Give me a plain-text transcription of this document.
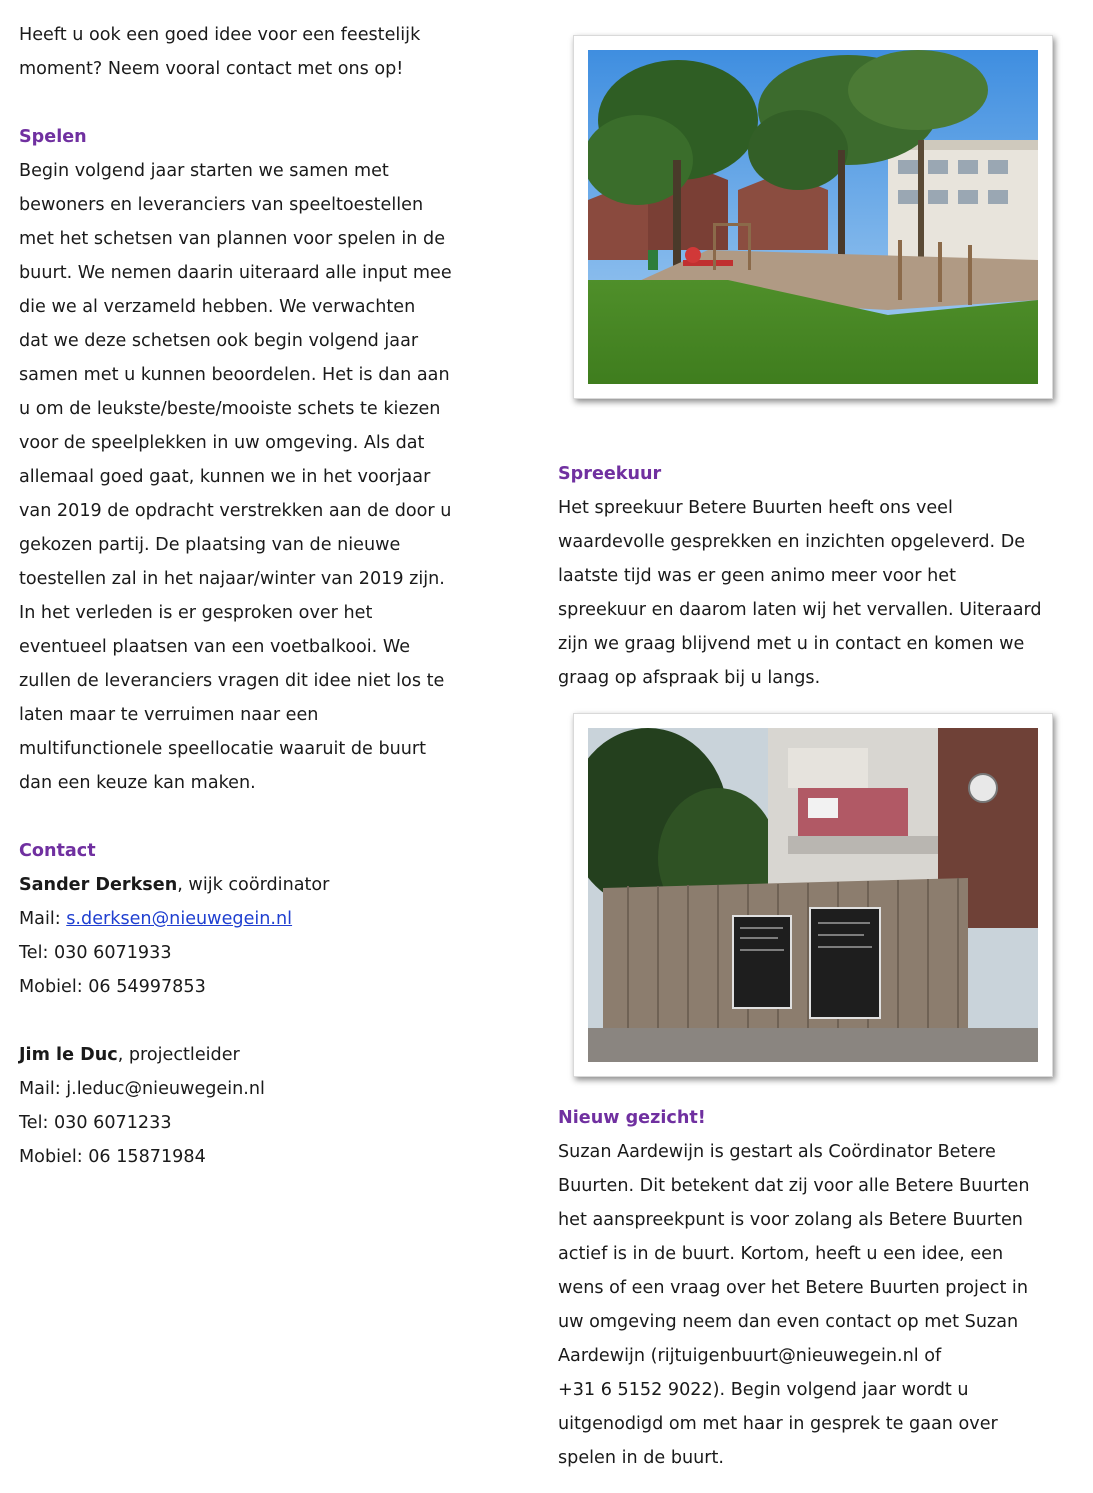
Heeft u ook een goed idee voor een feestelijk
moment? Neem vooral contact met ons op!
Spelen
Begin volgend jaar starten we samen met
bewoners en leveranciers van speeltoestellen
met het schetsen van plannen voor spelen in de
buurt. We nemen daarin uiteraard alle input mee
die we al verzameld hebben. We verwachten
dat we deze schetsen ook begin volgend jaar
samen met u kunnen beoordelen. Het is dan aan
u om de leukste/beste/mooiste schets te kiezen
voor de speelplekken in uw omgeving. Als dat
allemaal goed gaat, kunnen we in het voorjaar
van 2019 de opdracht verstrekken aan de door u
gekozen partij. De plaatsing van de nieuwe
toestellen zal in het najaar/winter van 2019 zijn.
In het verleden is er gesproken over het
eventueel plaatsen van een voetbalkooi. We
zullen de leveranciers vragen dit idee niet los te
laten maar te verruimen naar een
multifunctionele speellocatie waaruit de buurt
dan een keuze kan maken.
Contact
Sander Derksen, wijk coördinator
Mail: s.derksen@nieuwegein.nl
Tel: 030 6071933
Mobiel: 06 54997853
Jim le Duc, projectleider
Mail: j.leduc@nieuwegein.nl
Tel: 030 6071233
Mobiel: 06 15871984
Spreekuur
Het spreekuur Betere Buurten heeft ons veel
waardevolle gesprekken en inzichten opgeleverd. De
laatste tijd was er geen animo meer voor het
spreekuur en daarom laten wij het vervallen. Uiteraard
zijn we graag blijvend met u in contact en komen we
graag op afspraak bij u langs.
Nieuw gezicht!
Suzan Aardewijn is gestart als Coördinator Betere
Buurten. Dit betekent dat zij voor alle Betere Buurten
het aanspreekpunt is voor zolang als Betere Buurten
actief is in de buurt. Kortom, heeft u een idee, een
wens of een vraag over het Betere Buurten project in
uw omgeving neem dan even contact op met Suzan
Aardewijn (rijtuigenbuurt@nieuwegein.nl of
+31 6 5152 9022). Begin volgend jaar wordt u
uitgenodigd om met haar in gesprek te gaan over
spelen in de buurt.
